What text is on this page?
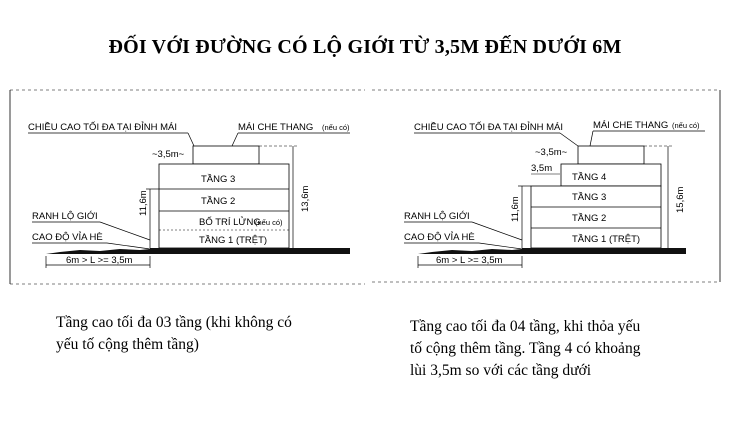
ĐỐI VỚI ĐƯỜNG CÓ LỘ GIỚI TỪ 3,5M ĐẾN DƯỚI 6M
CHIỀU CAO TỐI ĐA TẠI ĐỈNH MÁI	MÁI CHE THANG (nếu có)
~3,5m~
TẦNG 3
TẦNG 2
BỐ TRÍ LỬNG
(nếu có)
TẦNG 1 (TRỆT)
11,6m	13,6m
RANH LỘ GIỚI
CAO ĐỘ VỈA HÈ
6m > L >= 3,5m
CHIỀU CAO TỐI ĐA TẠI ĐỈNH MÁI	MÁI CHE THANG (nếu có)
~3,5m~
3,5m
TẦNG 4
TẦNG 3
TẦNG 2
TẦNG 1 (TRỆT)
11,6m	15,6m
RANH LỘ GIỚI
CAO ĐỘ VỈA HÈ
6m > L >= 3,5m
Tầng cao tối đa 03 tầng (khi không có
yếu tố cộng thêm tầng)
Tầng cao tối đa 04 tầng, khi thỏa yếu
tố cộng thêm tầng. Tầng 4 có khoảng
lùi 3,5m so với các tầng dưới
